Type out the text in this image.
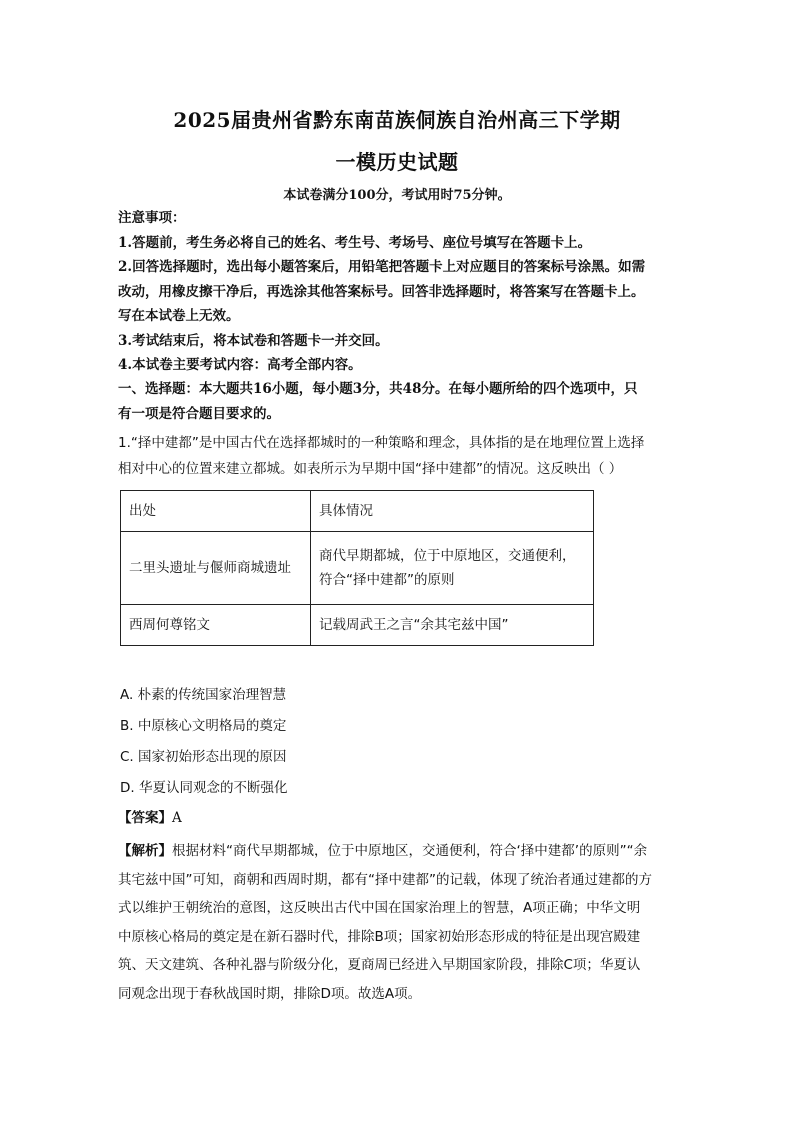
2025届贵州省黔东南苗族侗族自治州高三下学期
一模历史试题
本试卷满分100分，考试用时75分钟。

注意事项：

1.答题前，考生务必将自己的姓名、考生号、考场号、座位号填写在答题卡上。

2.回答选择题时，选出每小题答案后，用铅笔把答题卡上对应题目的答案标号涂黑。如需

改动，用橡皮擦干净后，再选涂其他答案标号。回答非选择题时，将答案写在答题卡上。

写在本试卷上无效。

3.考试结束后，将本试卷和答题卡一并交回。

4.本试卷主要考试内容：高考全部内容。

一、选择题：本大题共16小题，每小题3分，共48分。在每小题所给的四个选项中，只

有一项是符合题目要求的。

1.“择中建都”是中国古代在选择都城时的一种策略和理念，具体指的是在地理位置上选择

相对中心的位置来建立都城。如表所示为早期中国“择中建都”的情况。这反映出（ ）

出处	具体情况
二里头遗址与偃师商城遗址	商代早期都城，位于中原地区，交通便利，
符合“择中建都”的原则

西周何尊铭文	记载周武王之言“余其宅兹中国”
A. 朴素的传统国家治理智慧
B. 中原核心文明格局的奠定
C. 国家初始形态出现的原因
D. 华夏认同观念的不断强化
【答案】A

【解析】根据材料“商代早期都城，位于中原地区，交通便利，符合‘择中建都’的原则”“余

其宅兹中国”可知，商朝和西周时期，都有“择中建都”的记载，体现了统治者通过建都的方

式以维护王朝统治的意图，这反映出古代中国在国家治理上的智慧，A项正确；中华文明

中原核心格局的奠定是在新石器时代，排除B项；国家初始形态形成的特征是出现宫殿建

筑、天文建筑、各种礼器与阶级分化，夏商周已经进入早期国家阶段，排除C项；华夏认

同观念出现于春秋战国时期，排除D项。故选A项。
